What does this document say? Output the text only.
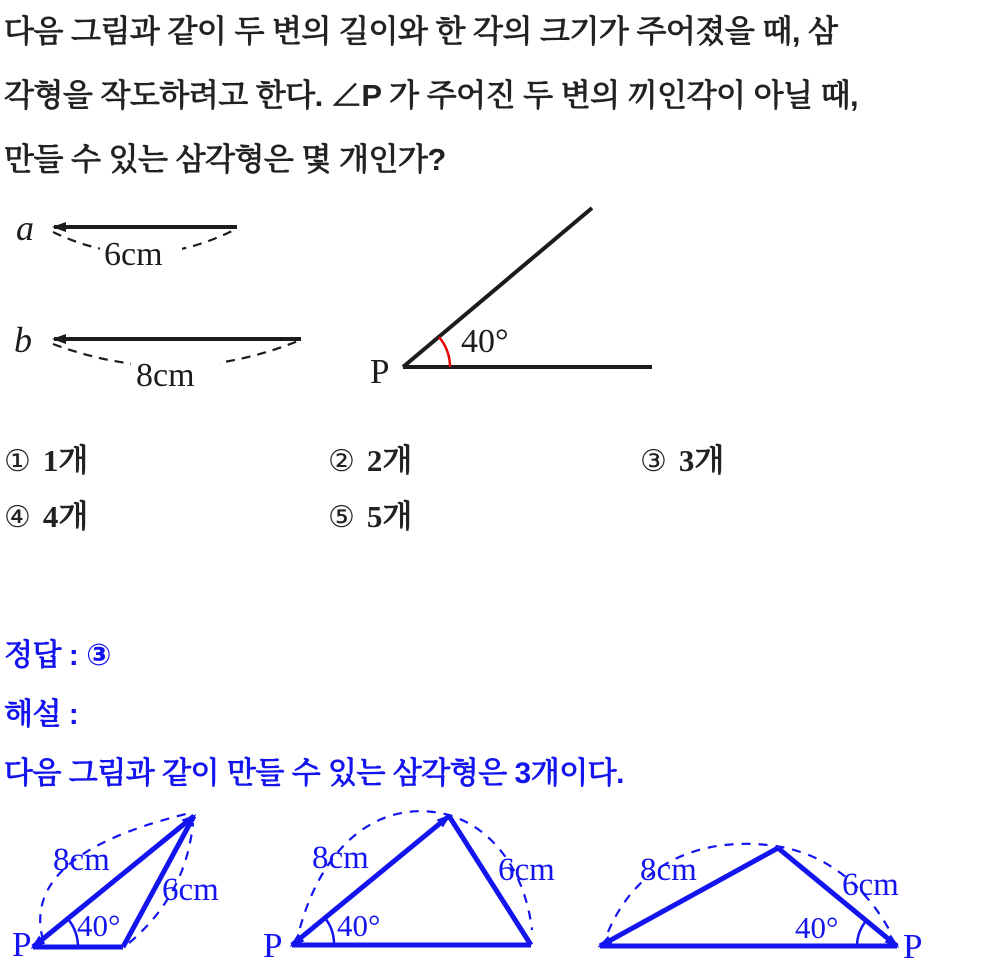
다음 그림과 같이 두 변의 길이와 한 각의 크기가 주어졌을 때, 삼
각형을 작도하려고 한다. ∠P 가 주어진 두 변의 끼인각이 아닐 때,
만들 수 있는 삼각형은 몇 개인가?
a
6cm
b
8cm	P
40°
① 1개	② 2개	③ 3개
④ 4개	⑤ 5개
정답 : ③
해설 :
다음 그림과 같이 만들 수 있는 삼각형은 3개이다.
P
8cm
6cm
40°
P
8cm	6cm
40°
P
8cm	6cm
40°
